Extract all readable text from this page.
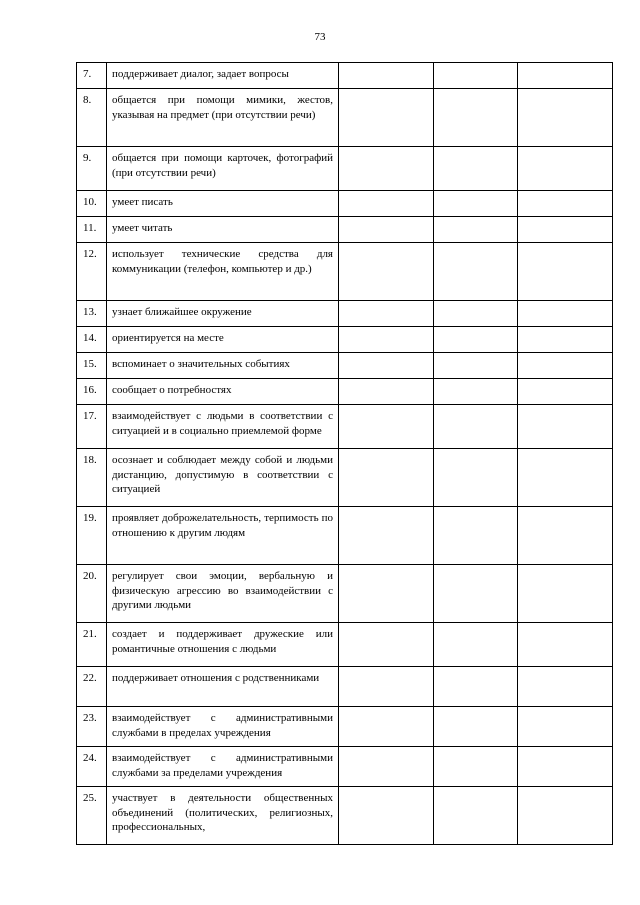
73
7.	поддерживает диалог, задает вопросы			
8.	общается при помощи мимики, жестов, указывая на предмет (при отсутствии речи)			
9.	общается при помощи карточек, фотографий (при отсутствии речи)			
10.	умеет писать			
11.	умеет читать			
12.	использует технические средства для коммуникации (телефон, компьютер и др.)			
13.	узнает ближайшее окружение			
14.	ориентируется на месте			
15.	вспоминает о значительных событиях			
16.	сообщает о потребностях			
17.	взаимодействует с людьми в соответствии с ситуацией и в социально приемлемой форме			
18.	осознает и соблюдает между собой и людьми дистанцию, допустимую в соответствии с ситуацией			
19.	проявляет доброжелательность, терпимость по отношению к другим людям			
20.	регулирует свои эмоции, вербальную и физическую агрессию во взаимодействии с другими людьми			
21.	создает и поддерживает дружеские или романтичные отношения с людьми			
22.	поддерживает отношения с родственниками			
23.	взаимодействует с административными службами в пределах учреждения			
24.	взаимодействует с административными службами за пределами учреждения			
25.	участвует в деятельности общественных объединений (политических, религиозных, профессиональных,			
